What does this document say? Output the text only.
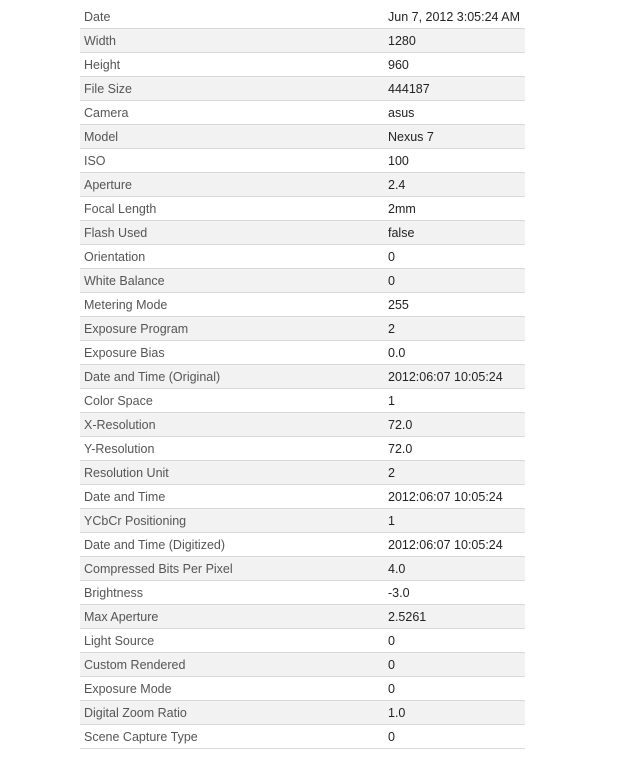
Date	Jun 7, 2012 3:05:24 AM
Width	1280
Height	960
File Size	444187
Camera	asus
Model	Nexus 7
ISO	100
Aperture	2.4
Focal Length	2mm
Flash Used	false
Orientation	0
White Balance	0
Metering Mode	255
Exposure Program	2
Exposure Bias	0.0
Date and Time (Original)	2012:06:07 10:05:24
Color Space	1
X-Resolution	72.0
Y-Resolution	72.0
Resolution Unit	2
Date and Time	2012:06:07 10:05:24
YCbCr Positioning	1
Date and Time (Digitized)	2012:06:07 10:05:24
Compressed Bits Per Pixel	4.0
Brightness	-3.0
Max Aperture	2.5261
Light Source	0
Custom Rendered	0
Exposure Mode	0
Digital Zoom Ratio	1.0
Scene Capture Type	0
